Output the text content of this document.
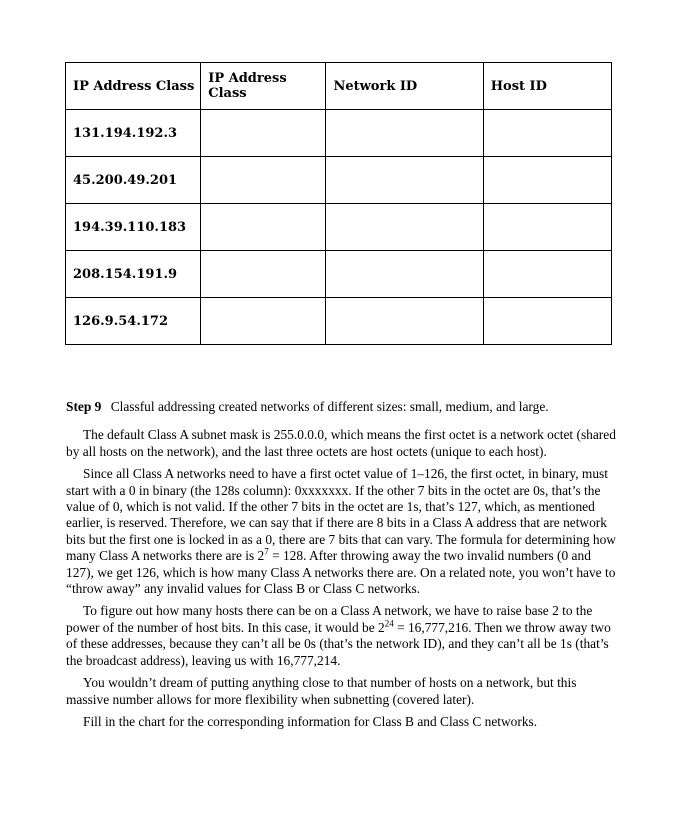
IP Address Class	IP Address Class	Network ID	Host ID
131.194.192.3			
45.200.49.201			
194.39.110.183			
208.154.191.9			
126.9.54.172			

Step 9 Classful addressing created networks of different sizes: small, medium, and large.

The default Class A subnet mask is 255.0.0.0, which means the first octet is a network octet (shared by all hosts on the network), and the last three octets are host octets (unique to each host).

Since all Class A networks need to have a first octet value of 1–126, the first octet, in binary, must start with a 0 in binary (the 128s column): 0xxxxxxx. If the other 7 bits in the octet are 0s, that’s the value of 0, which is not valid. If the other 7 bits in the octet are 1s, that’s 127, which, as mentioned earlier, is reserved. Therefore, we can say that if there are 8 bits in a Class A address that are network bits but the first one is locked in as a 0, there are 7 bits that can vary. The formula for determining how many Class A networks there are is $2^7 = 128$. After throwing away the two invalid numbers (0 and 127), we get 126, which is how many Class A networks there are. On a related note, you won’t have to “throw away” any invalid values for Class B or Class C networks.

To figure out how many hosts there can be on a Class A network, we have to raise base 2 to the power of the number of host bits. In this case, it would be $2^{24} = 16,777,216$. Then we throw away two of these addresses, because they can’t all be 0s (that’s the network ID), and they can’t all be 1s (that’s the broadcast address), leaving us with 16,777,214.

You wouldn’t dream of putting anything close to that number of hosts on a network, but this massive number allows for more flexibility when subnetting (covered later).

Fill in the chart for the corresponding information for Class B and Class C networks.
